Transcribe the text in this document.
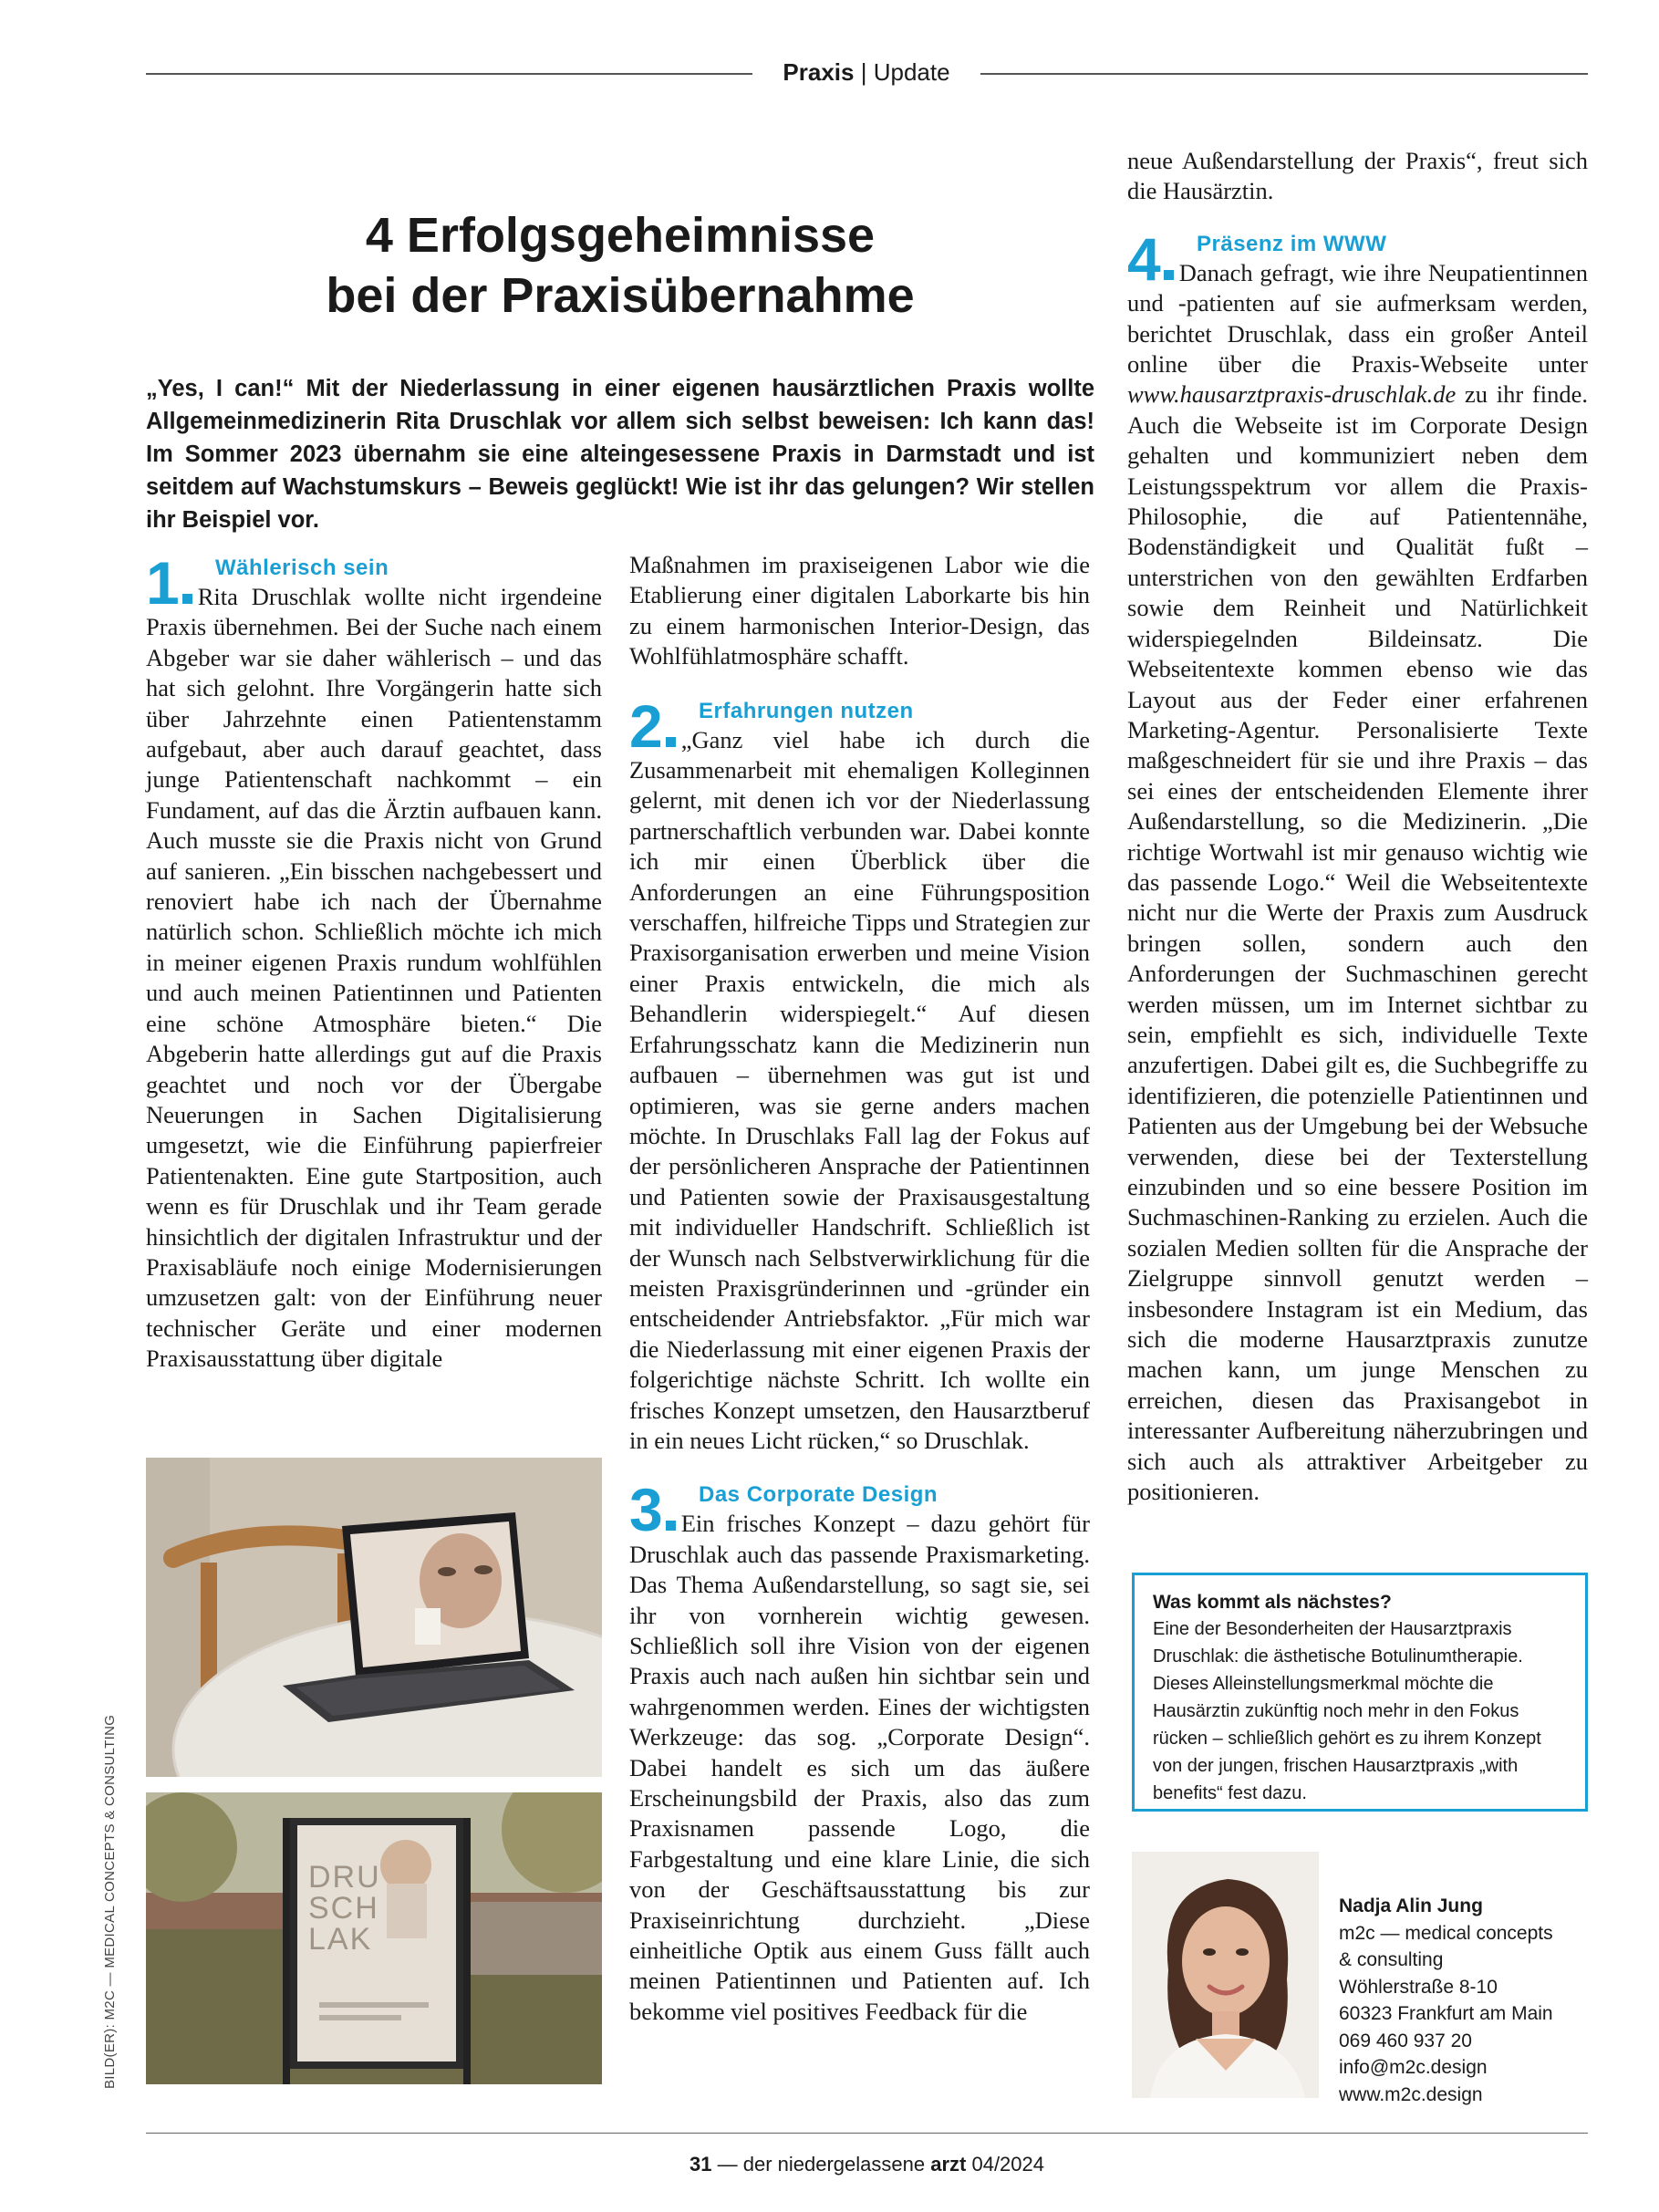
Praxis | Update
4 Erfolgsgeheimnisse
bei der Praxisübernahme

„Yes, I can!“ Mit der Niederlassung in einer eigenen hausärztlichen Praxis wollte Allgemeinmedizinerin Rita Druschlak vor allem sich selbst beweisen: Ich kann das! Im Sommer 2023 übernahm sie eine alteingesessene Praxis in Darmstadt und ist seitdem auf Wachstumskurs – Beweis geglückt! Wie ist ihr das gelungen? Wir stellen ihr Beispiel vor.

1	Wählerisch sein
Rita Druschlak wollte nicht irgendeine Praxis übernehmen. Bei der Suche nach einem Abgeber war sie daher wählerisch – und das hat sich gelohnt. Ihre Vorgängerin hatte sich über Jahrzehnte einen Patientenstamm aufgebaut, aber auch darauf geachtet, dass junge Patientenschaft nachkommt – ein Fundament, auf das die Ärztin aufbauen kann. Auch musste sie die Praxis nicht von Grund auf sanieren. „Ein bisschen nachgebessert und renoviert habe ich nach der Übernahme natürlich schon. Schließlich möchte ich mich in meiner eigenen Praxis rundum wohlfühlen und auch meinen Patientinnen und Patienten eine schöne Atmosphäre bieten.“ Die Abgeberin hatte allerdings gut auf die Praxis geachtet und noch vor der Übergabe Neuerungen in Sachen Digitalisierung umgesetzt, wie die Einführung papierfreier Patientenakten. Eine gute Startposition, auch wenn es für Druschlak und ihr Team gerade hinsichtlich der digitalen Infrastruktur und der Praxisabläufe noch einige Modernisierungen umzusetzen galt: von der Einführung neuer technischer Geräte und einer modernen Praxisausstattung über digitale
Maßnahmen im praxiseigenen Labor wie die Etablierung einer digitalen Laborkarte bis hin zu einem harmonischen Interior-Design, das Wohlfühlatmosphäre schafft.
2	Erfahrungen nutzen
„Ganz viel habe ich durch die Zusammenarbeit mit ehemaligen Kolleginnen gelernt, mit denen ich vor der Niederlassung partnerschaftlich verbunden war. Dabei konnte ich mir einen Überblick über die Anforderungen an eine Führungsposition verschaffen, hilfreiche Tipps und Strategien zur Praxisorganisation erwerben und meine Vision einer Praxis entwickeln, die mich als Behandlerin widerspiegelt.“ Auf diesen Erfahrungsschatz kann die Medizinerin nun aufbauen – übernehmen was gut ist und optimieren, was sie gerne anders machen möchte. In Druschlaks Fall lag der Fokus auf der persönlicheren Ansprache der Patientinnen und Patienten sowie der Praxisausgestaltung mit individueller Handschrift. Schließlich ist der Wunsch nach Selbstverwirklichung für die meisten Praxisgründerinnen und -gründer ein entscheidender Antriebsfaktor. „Für mich war die Niederlassung mit einer eigenen Praxis der folgerichtige nächste Schritt. Ich wollte ein frisches Konzept umsetzen, den Hausarztberuf in ein neues Licht rücken,“ so Druschlak.
3	Das Corporate Design
Ein frisches Konzept – dazu gehört für Druschlak auch das passende Praxismarketing. Das Thema Außendarstellung, so sagt sie, sei ihr von vornherein wichtig gewesen. Schließlich soll ihre Vision von der eigenen Praxis auch nach außen hin sichtbar sein und wahrgenommen werden. Eines der wichtigsten Werkzeuge: das sog. „Corporate Design“. Dabei handelt es sich um das äußere Erscheinungsbild der Praxis, also das zum Praxisnamen passende Logo, die Farbgestaltung und eine klare Linie, die sich von der Geschäftsausstattung bis zur Praxiseinrichtung durchzieht. „Diese einheitliche Optik aus einem Guss fällt auch meinen Patientinnen und Patienten auf. Ich bekomme viel positives Feedback für die
neue Außendarstellung der Praxis“, freut sich die Hausärztin.
4	Präsenz im WWW
Danach gefragt, wie ihre Neupatientinnen und -patienten auf sie aufmerksam werden, berichtet Druschlak, dass ein großer Anteil online über die Praxis-Webseite unter www.hausarztpraxis-druschlak.de zu ihr finde. Auch die Webseite ist im Corporate Design gehalten und kommuniziert neben dem Leistungsspektrum vor allem die Praxis-Philosophie, die auf Patientennähe, Bodenständigkeit und Qualität fußt – unterstrichen von den gewählten Erdfarben sowie dem Reinheit und Natürlichkeit widerspiegelnden Bildeinsatz. Die Webseitentexte kommen ebenso wie das Layout aus der Feder einer erfahrenen Marketing-Agentur. Personalisierte Texte maßgeschneidert für sie und ihre Praxis – das sei eines der entscheidenden Elemente ihrer Außendarstellung, so die Medizinerin. „Die richtige Wortwahl ist mir genauso wichtig wie das passende Logo.“ Weil die Webseitentexte nicht nur die Werte der Praxis zum Ausdruck bringen sollen, sondern auch den Anforderungen der Suchmaschinen gerecht werden müssen, um im Internet sichtbar zu sein, empfiehlt es sich, individuelle Texte anzufertigen. Dabei gilt es, die Suchbegriffe zu identifizieren, die potenzielle Patientinnen und Patienten aus der Umgebung bei der Websuche verwenden, diese bei der Texterstellung einzubinden und so eine bessere Position im Suchmaschinen-Ranking zu erzielen. Auch die sozialen Medien sollten für die Ansprache der Zielgruppe sinnvoll genutzt werden – insbesondere Instagram ist ein Medium, das sich die moderne Hausarztpraxis zunutze machen kann, um junge Menschen zu erreichen, diesen das Praxisangebot in interessanter Aufbereitung näherzubringen und sich auch als attraktiver Arbeitgeber zu positionieren.
DRU
SCH
LAK
Was kommt als nächstes?
Eine der Besonderheiten der Hausarztpraxis Druschlak: die ästhetische Botulinumtherapie. Dieses Alleinstellungsmerkmal möchte die Hausärztin zukünftig noch mehr in den Fokus rücken – schließlich gehört es zu ihrem Konzept von der jungen, frischen Hausarztpraxis „with benefits“ fest dazu.
Nadja Alin Jung
m2c — medical concepts
& consulting
Wöhlerstraße 8-10
60323 Frankfurt am Main
069 460 937 20
info@m2c.design
www.m2c.design
BILD(ER): M2C — MEDICAL CONCEPTS & CONSULTING
31 — der niedergelassene arzt 04/2024
